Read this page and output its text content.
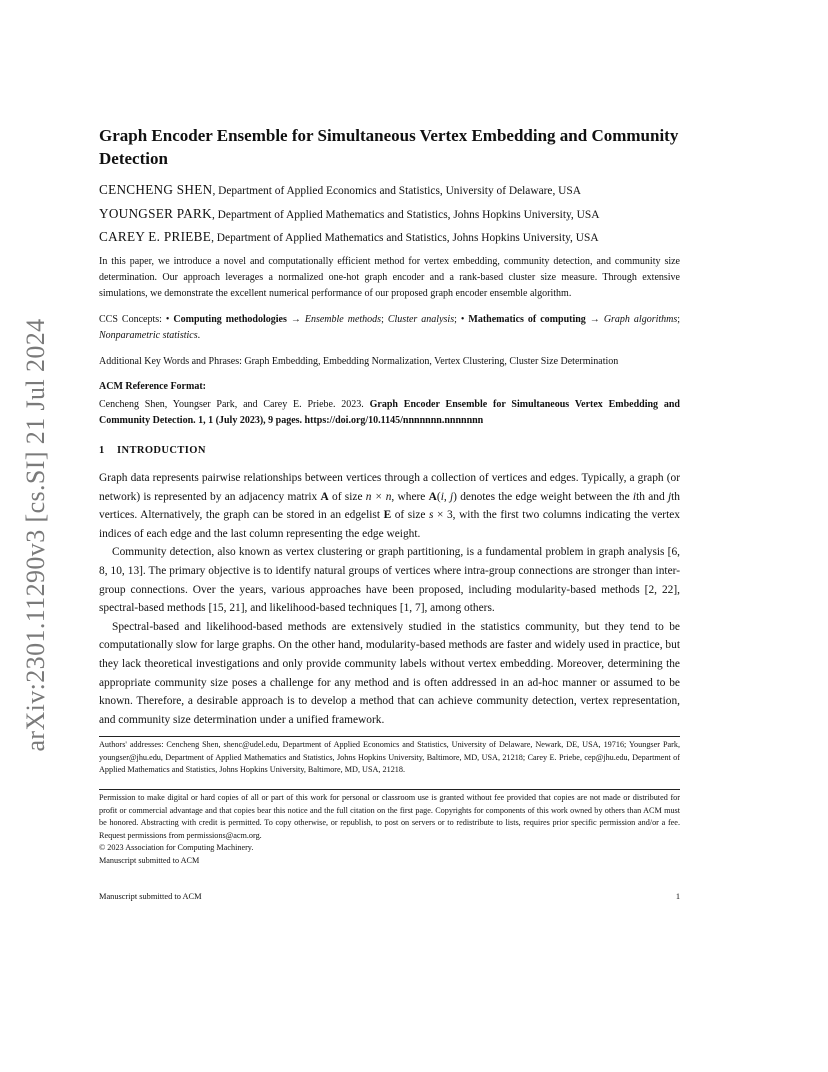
arXiv:2301.11290v3 [cs.SI] 21 Jul 2024
Graph Encoder Ensemble for Simultaneous Vertex Embedding and Community Detection
CENCHENG SHEN, Department of Applied Economics and Statistics, University of Delaware, USA
YOUNGSER PARK, Department of Applied Mathematics and Statistics, Johns Hopkins University, USA
CAREY E. PRIEBE, Department of Applied Mathematics and Statistics, Johns Hopkins University, USA
In this paper, we introduce a novel and computationally efficient method for vertex embedding, community detection, and community size determination. Our approach leverages a normalized one-hot graph encoder and a rank-based cluster size measure. Through extensive simulations, we demonstrate the excellent numerical performance of our proposed graph encoder ensemble algorithm.
CCS Concepts: • Computing methodologies → Ensemble methods; Cluster analysis; • Mathematics of computing → Graph algorithms; Nonparametric statistics.
Additional Key Words and Phrases: Graph Embedding, Embedding Normalization, Vertex Clustering, Cluster Size Determination
ACM Reference Format:
Cencheng Shen, Youngser Park, and Carey E. Priebe. 2023. Graph Encoder Ensemble for Simultaneous Vertex Embedding and Community Detection. 1, 1 (July 2023), 9 pages. https://doi.org/10.1145/nnnnnnn.nnnnnnn
1 INTRODUCTION

Graph data represents pairwise relationships between vertices through a collection of vertices and edges. Typically, a graph (or network) is represented by an adjacency matrix A of size n × n, where A(i, j) denotes the edge weight between the ith and jth vertices. Alternatively, the graph can be stored in an edgelist E of size s × 3, with the first two columns indicating the vertex indices of each edge and the last column representing the edge weight.

Community detection, also known as vertex clustering or graph partitioning, is a fundamental problem in graph analysis [6, 8, 10, 13]. The primary objective is to identify natural groups of vertices where intra-group connections are stronger than inter-group connections. Over the years, various approaches have been proposed, including modularity-based methods [2, 22], spectral-based methods [15, 21], and likelihood-based techniques [1, 7], among others.

Spectral-based and likelihood-based methods are extensively studied in the statistics community, but they tend to be computationally slow for large graphs. On the other hand, modularity-based methods are faster and widely used in practice, but they lack theoretical investigations and only provide community labels without vertex embedding. Moreover, determining the appropriate community size poses a challenge for any method and is often addressed in an ad-hoc manner or assumed to be known. Therefore, a desirable approach is to develop a method that can achieve community detection, vertex representation, and community size determination under a unified framework.

Authors' addresses: Cencheng Shen, shenc@udel.edu, Department of Applied Economics and Statistics, University of Delaware, Newark, DE, USA, 19716; Youngser Park, youngser@jhu.edu, Department of Applied Mathematics and Statistics, Johns Hopkins University, Baltimore, MD, USA, 21218; Carey E. Priebe, cep@jhu.edu, Department of Applied Mathematics and Statistics, Johns Hopkins University, Baltimore, MD, USA, 21218.
Permission to make digital or hard copies of all or part of this work for personal or classroom use is granted without fee provided that copies are not made or distributed for profit or commercial advantage and that copies bear this notice and the full citation on the first page. Copyrights for components of this work owned by others than ACM must be honored. Abstracting with credit is permitted. To copy otherwise, or republish, to post on servers or to redistribute to lists, requires prior specific permission and/or a fee. Request permissions from permissions@acm.org.
© 2023 Association for Computing Machinery.
Manuscript submitted to ACM
Manuscript submitted to ACM	1
